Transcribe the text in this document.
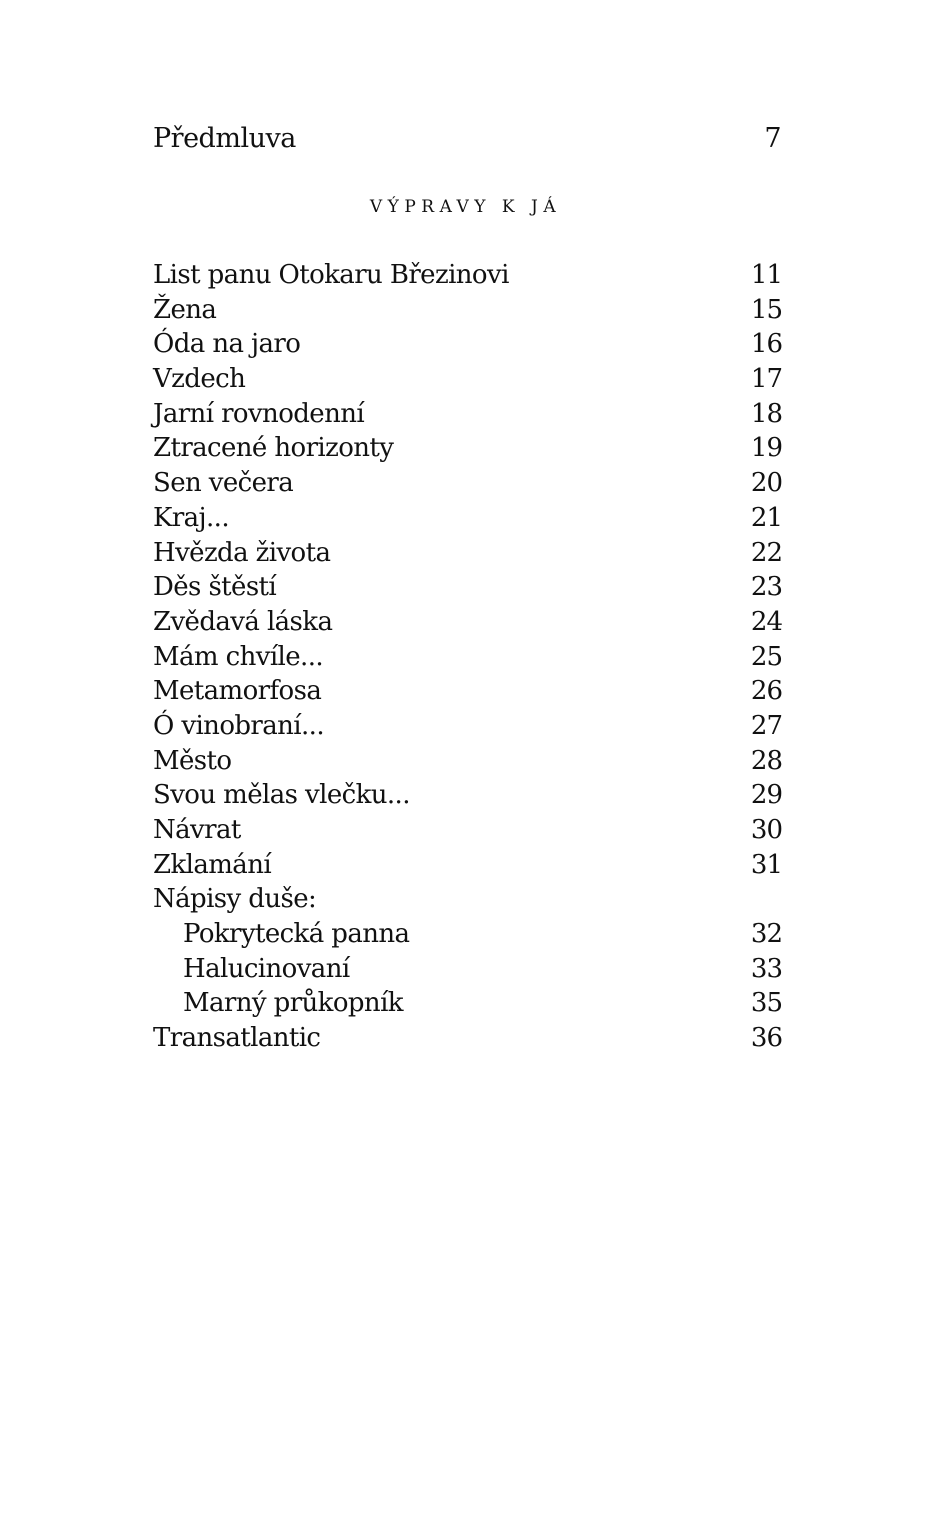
Předmluva	7
VÝPRAVY K JÁ
List panu Otokaru Březinovi	11
Žena	15
Óda na jaro	16
Vzdech	17
Jarní rovnodenní	18
Ztracené horizonty	19
Sen večera	20
Kraj...	21
Hvězda života	22
Děs štěstí	23
Zvědavá láska	24
Mám chvíle...	25
Metamorfosa	26
Ó vinobraní...	27
Město	28
Svou mělas vlečku...	29
Návrat	30
Zklamání	31
Nápisy duše:
Pokrytecká panna	32
Halucinovaní	33
Marný průkopník	35
Transatlantic	36
